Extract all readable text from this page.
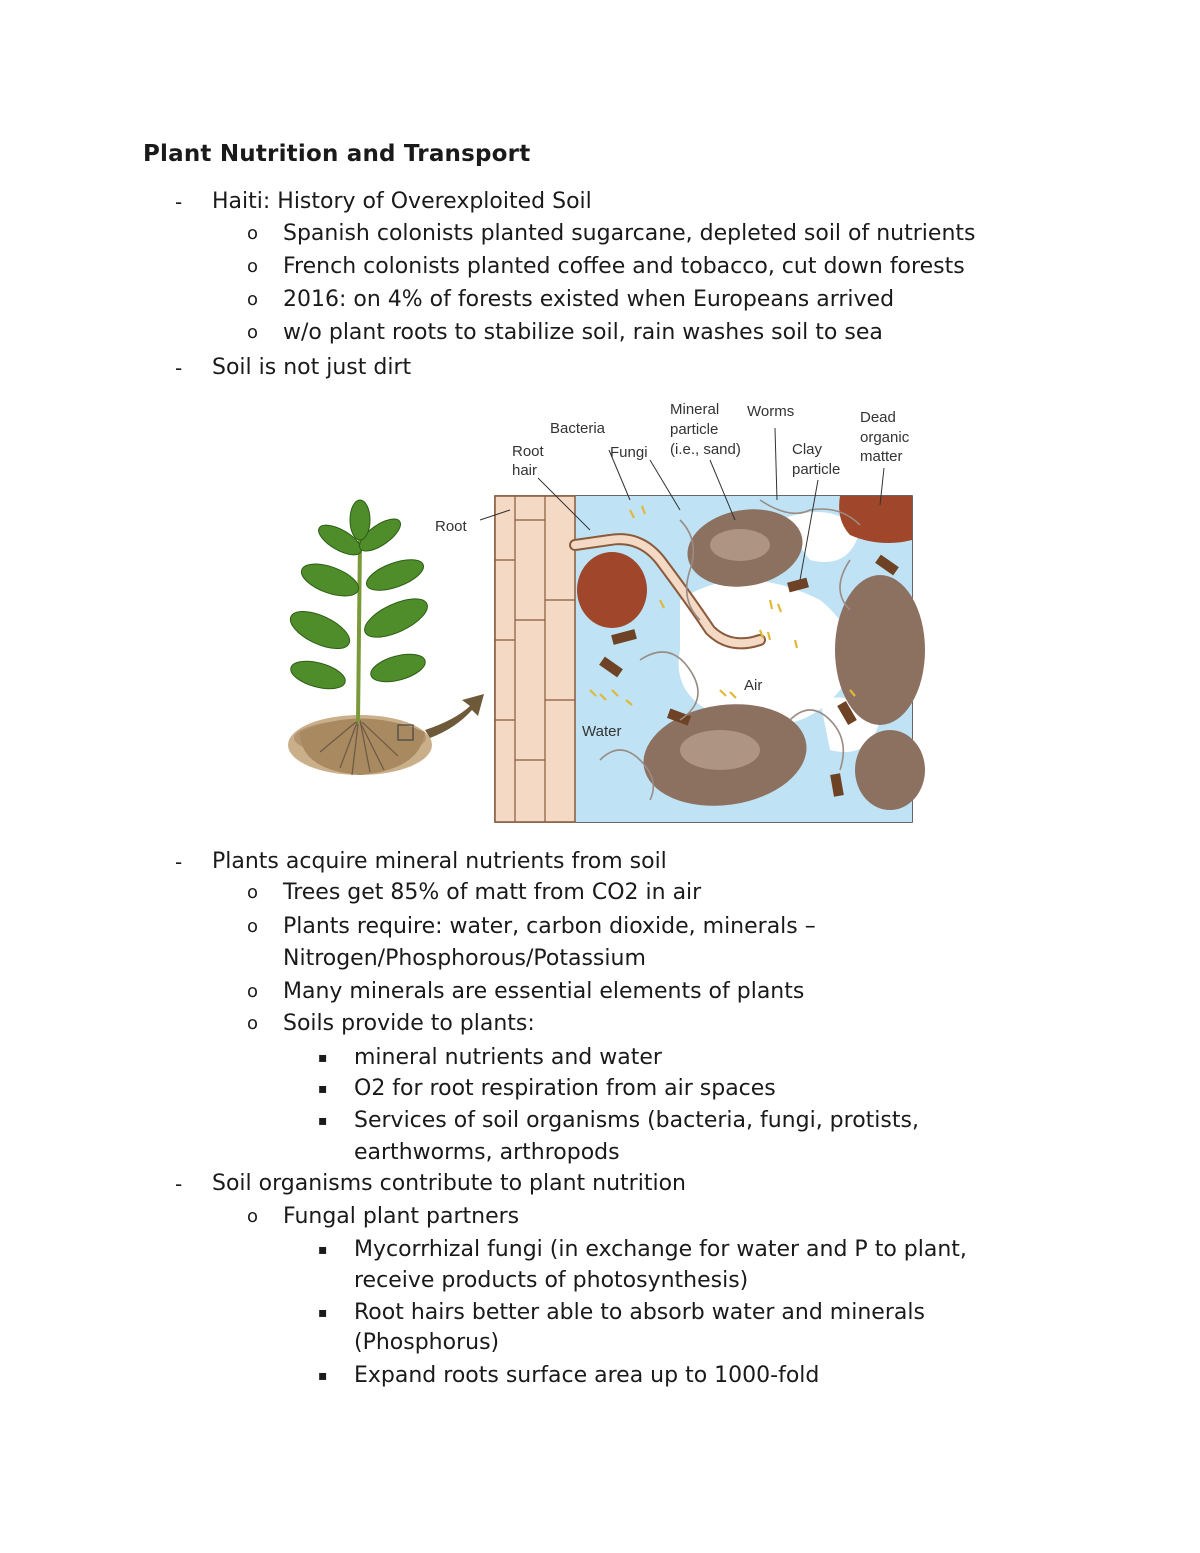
Plant Nutrition and Transport
- Haiti: History of Overexploited Soil
o Spanish colonists planted sugarcane, depleted soil of nutrients
o French colonists planted coffee and tobacco, cut down forests
o 2016: on 4% of forests existed when Europeans arrived
o w/o plant roots to stabilize soil, rain washes soil to sea
- Soil is not just dirt
Root
hair
Bacteria
Fungi
Mineral
particle
(i.e., sand)
Worms
Clay
particle
Dead
organic
matter
Root
Air
Water
- Plants acquire mineral nutrients from soil
o Trees get 85% of matt from CO2 in air
o Plants require: water, carbon dioxide, minerals –
Nitrogen/Phosphorous/Potassium
o Many minerals are essential elements of plants
o Soils provide to plants:
▪ mineral nutrients and water
▪ O2 for root respiration from air spaces
▪ Services of soil organisms (bacteria, fungi, protists,
earthworms, arthropods
- Soil organisms contribute to plant nutrition
o Fungal plant partners
▪ Mycorrhizal fungi (in exchange for water and P to plant,
receive products of photosynthesis)
▪ Root hairs better able to absorb water and minerals
(Phosphorus)
▪ Expand roots surface area up to 1000-fold
